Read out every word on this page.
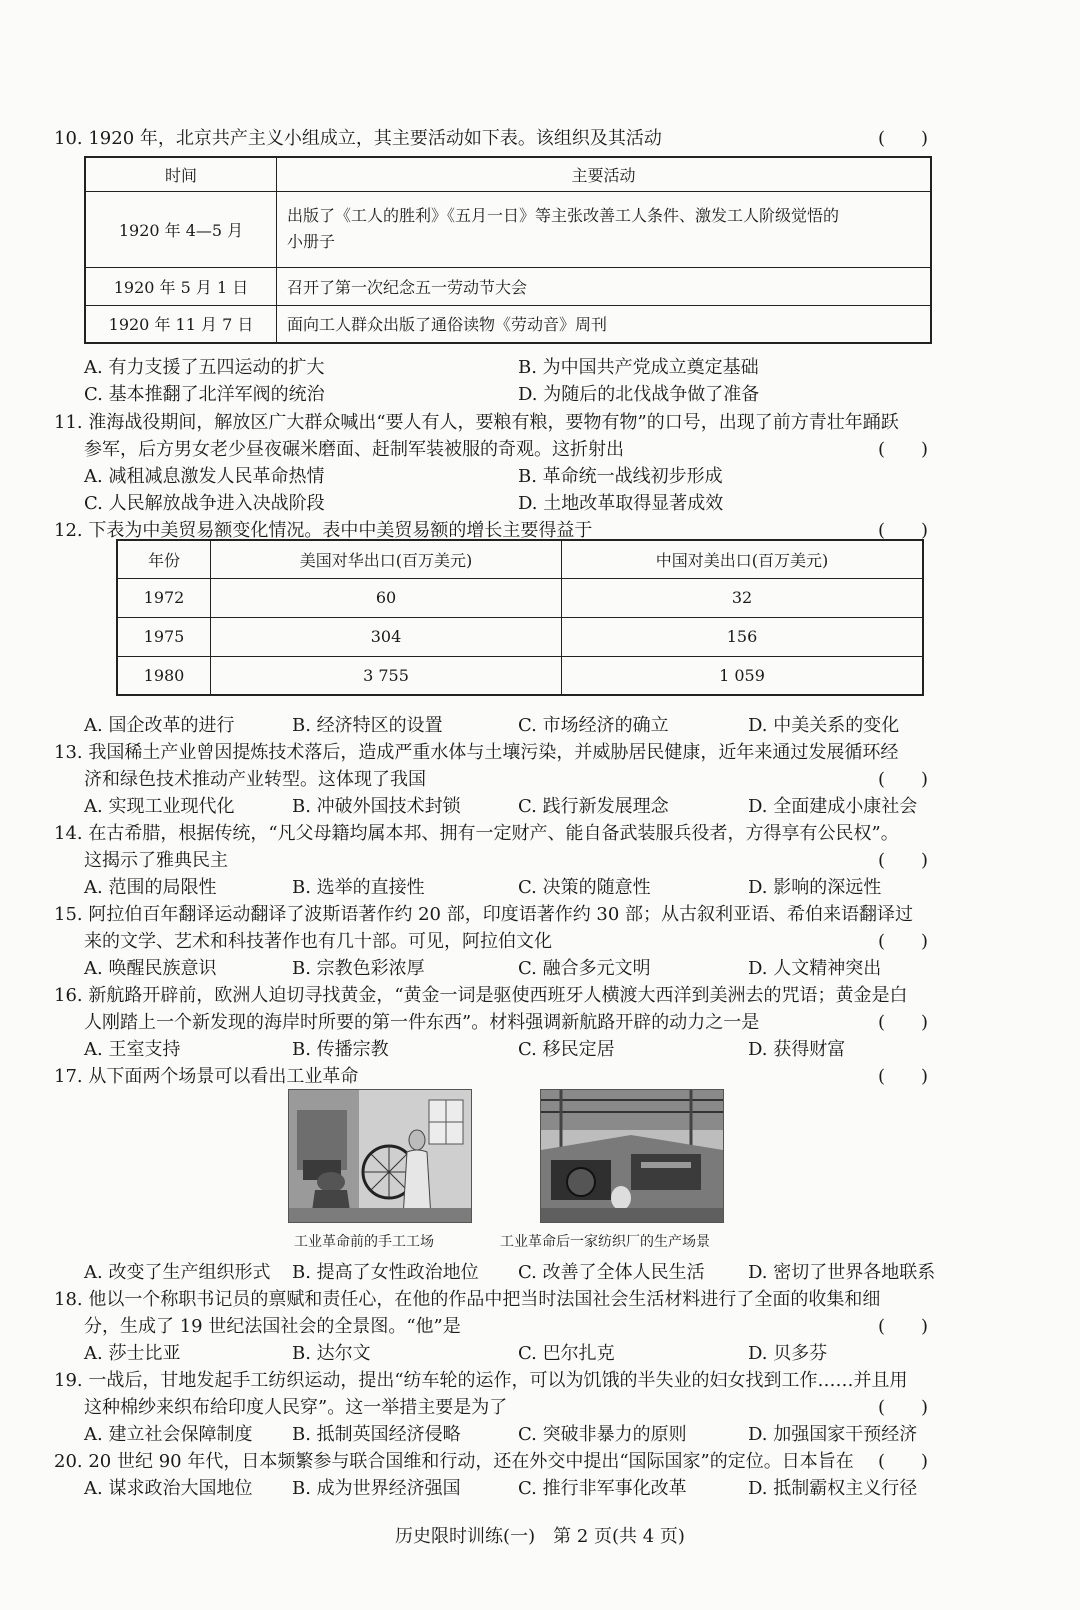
10. 1920 年，北京共产主义小组成立，其主要活动如下表。该组织及其活动	(　　)
时间	主要活动
1920 年 4—5 月	出版了《工人的胜利》《五月一日》等主张改善工人条件、激发工人阶级觉悟的
小册子

1920 年 5 月 1 日	召开了第一次纪念五一劳动节大会
1920 年 11 月 7 日	面向工人群众出版了通俗读物《劳动音》周刊
A. 有力支援了五四运动的扩大	B. 为中国共产党成立奠定基础
C. 基本推翻了北洋军阀的统治	D. 为随后的北伐战争做了准备
11. 淮海战役期间，解放区广大群众喊出“要人有人，要粮有粮，要物有物”的口号，出现了前方青壮年踊跃
参军，后方男女老少昼夜碾米磨面、赶制军装被服的奇观。这折射出	(　　)
A. 减租减息激发人民革命热情	B. 革命统一战线初步形成
C. 人民解放战争进入决战阶段	D. 土地改革取得显著成效
12. 下表为中美贸易额变化情况。表中中美贸易额的增长主要得益于	(　　)
年份	美国对华出口(百万美元)	中国对美出口(百万美元)
1972	60	32
1975	304	156
1980	3 755	1 059
A. 国企改革的进行	B. 经济特区的设置	C. 市场经济的确立	D. 中美关系的变化
13. 我国稀土产业曾因提炼技术落后，造成严重水体与土壤污染，并威胁居民健康，近年来通过发展循环经
济和绿色技术推动产业转型。这体现了我国	(　　)
A. 实现工业现代化	B. 冲破外国技术封锁	C. 践行新发展理念	D. 全面建成小康社会
14. 在古希腊，根据传统，“凡父母籍均属本邦、拥有一定财产、能自备武装服兵役者，方得享有公民权”。
这揭示了雅典民主	(　　)
A. 范围的局限性	B. 选举的直接性	C. 决策的随意性	D. 影响的深远性
15. 阿拉伯百年翻译运动翻译了波斯语著作约 20 部，印度语著作约 30 部；从古叙利亚语、希伯来语翻译过
来的文学、艺术和科技著作也有几十部。可见，阿拉伯文化	(　　)
A. 唤醒民族意识	B. 宗教色彩浓厚	C. 融合多元文明	D. 人文精神突出
16. 新航路开辟前，欧洲人迫切寻找黄金，“黄金一词是驱使西班牙人横渡大西洋到美洲去的咒语；黄金是白
人刚踏上一个新发现的海岸时所要的第一件东西”。材料强调新航路开辟的动力之一是	(　　)
A. 王室支持	B. 传播宗教	C. 移民定居	D. 获得财富
17. 从下面两个场景可以看出工业革命	(　　)
工业革命前的手工工场	工业革命后一家纺织厂的生产场景
A. 改变了生产组织形式 B. 提高了女性政治地位 C. 改善了全体人民生活 D. 密切了世界各地联系
18. 他以一个称职书记员的禀赋和责任心，在他的作品中把当时法国社会生活材料进行了全面的收集和细
分，生成了 19 世纪法国社会的全景图。“他”是	(　　)
A. 莎士比亚	B. 达尔文	C. 巴尔扎克	D. 贝多芬
19. 一战后，甘地发起手工纺织运动，提出“纺车轮的运作，可以为饥饿的半失业的妇女找到工作……并且用
这种棉纱来织布给印度人民穿”。这一举措主要是为了	(　　)
A. 建立社会保障制度 B. 抵制英国经济侵略	C. 突破非暴力的原则	D. 加强国家干预经济
20. 20 世纪 90 年代，日本频繁参与联合国维和行动，还在外交中提出“国际国家”的定位。日本旨在 (　　)
A. 谋求政治大国地位 B. 成为世界经济强国	C. 推行非军事化改革	D. 抵制霸权主义行径
历史限时训练(一)　第 2 页(共 4 页)
